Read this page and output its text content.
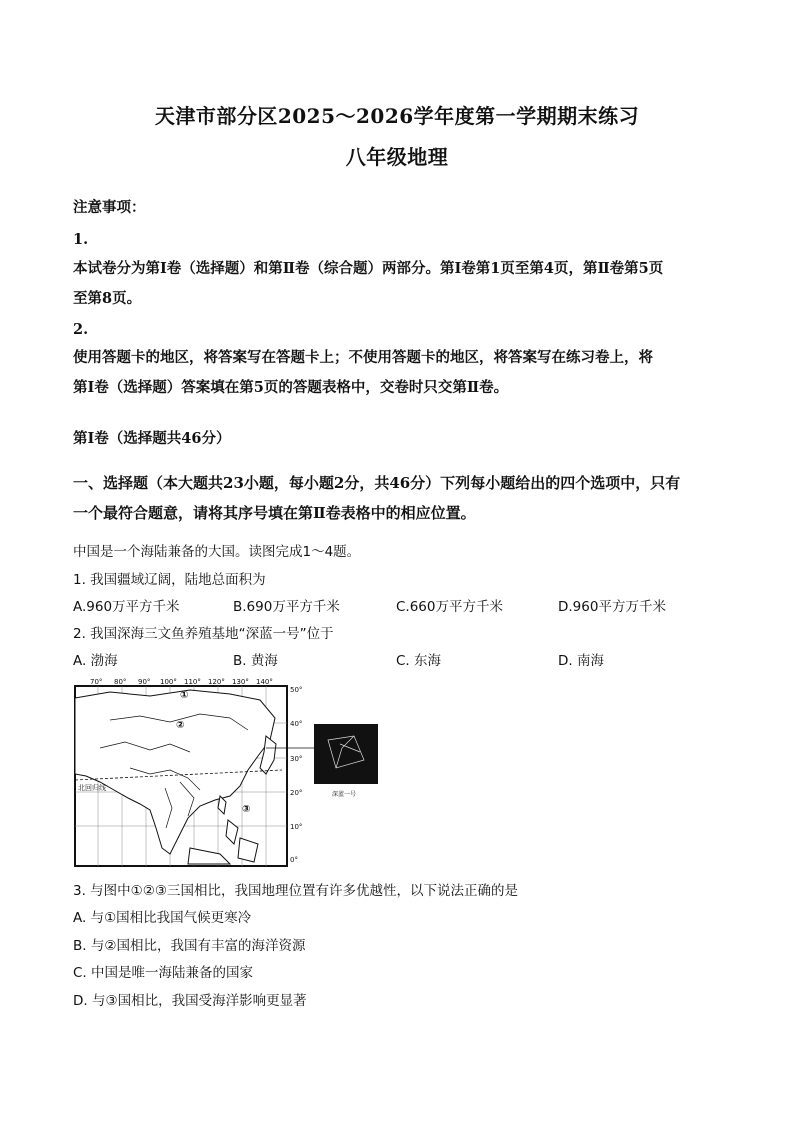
天津市部分区2025～2026学年度第一学期期末练习
八年级地理
注意事项：
1.
本试卷分为第Ⅰ卷（选择题）和第Ⅱ卷（综合题）两部分。第Ⅰ卷第1页至第4页，第Ⅱ卷第5页
至第8页。
2.
使用答题卡的地区，将答案写在答题卡上；不使用答题卡的地区，将答案写在练习卷上，将
第Ⅰ卷（选择题）答案填在第5页的答题表格中，交卷时只交第Ⅱ卷。
第Ⅰ卷（选择题共46分）
一、选择题（本大题共23小题，每小题2分，共46分）下列每小题给出的四个选项中，只有
一个最符合题意，请将其序号填在第Ⅱ卷表格中的相应位置。
中国是一个海陆兼备的大国。读图完成1～4题。
1. 我国疆域辽阔，陆地总面积为
A.960万平方千米	B.690万平方千米	C.660万平方千米	D.960平方万千米
2. 我国深海三文鱼养殖基地“深蓝一号”位于
A. 渤海	B. 黄海	C. 东海	D. 南海
北回归线
70° 80° 90° 100° 110° 120° 130° 140°
50°
40°
30°
20°
10°
0°
①
②
③
深蓝一号
3. 与图中①②③三国相比，我国地理位置有许多优越性，以下说法正确的是
A. 与①国相比我国气候更寒冷
B. 与②国相比，我国有丰富的海洋资源
C. 中国是唯一海陆兼备的国家
D. 与③国相比，我国受海洋影响更显著
